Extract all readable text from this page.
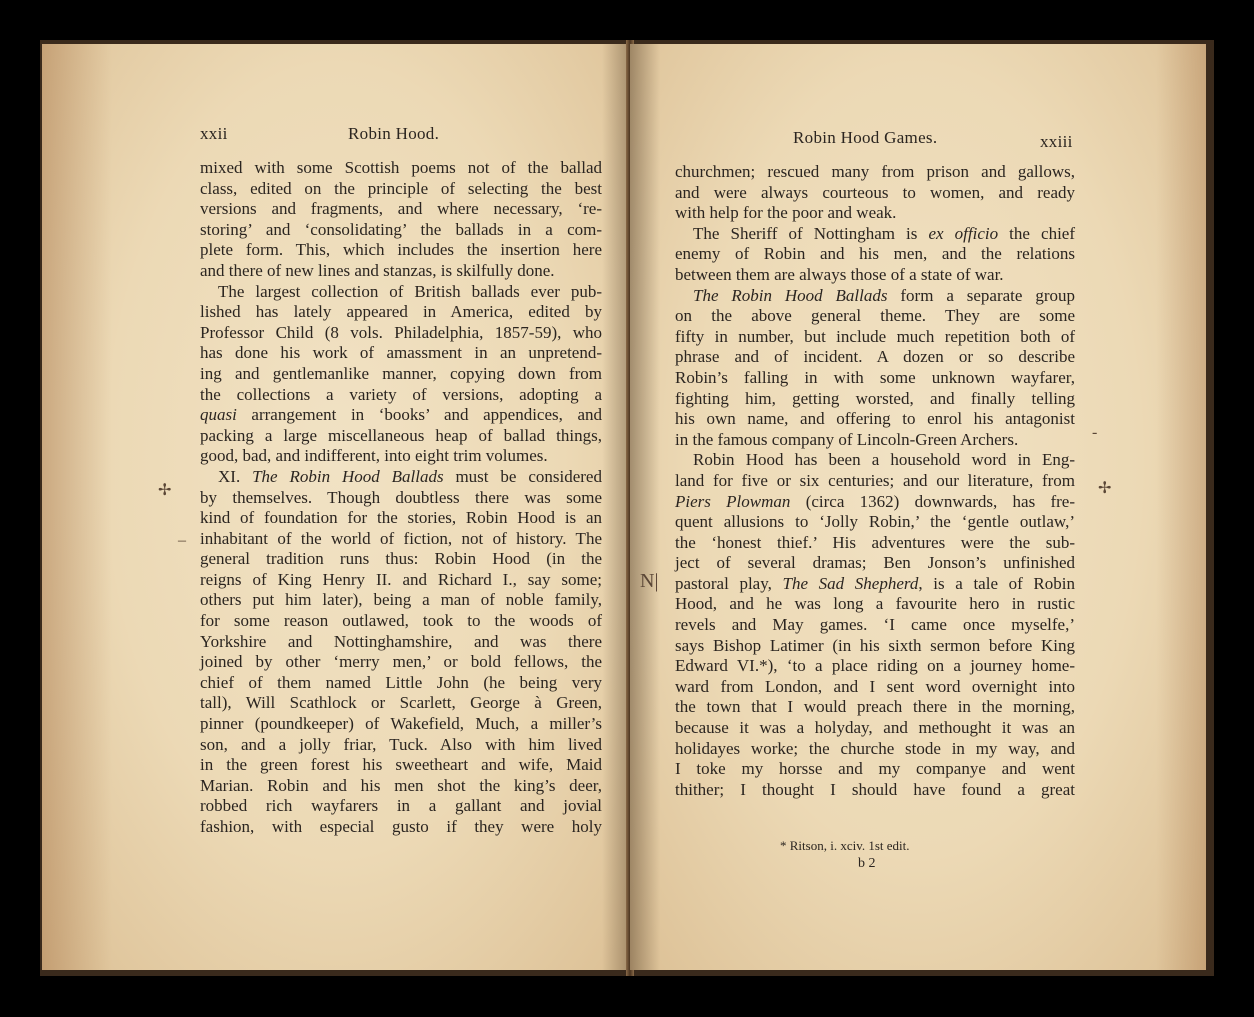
xxii	Robin Hood.
mixed with some Scottish poems not of the ballad
class, edited on the principle of selecting the best
versions and fragments, and where necessary, ‘re-
storing’ and ‘consolidating’ the ballads in a com-
plete form. This, which includes the insertion here
and there of new lines and stanzas, is skilfully done.
The largest collection of British ballads ever pub-
lished has lately appeared in America, edited by
Professor Child (8 vols. Philadelphia, 1857-59), who
has done his work of amassment in an unpretend-
ing and gentlemanlike manner, copying down from
the collections a variety of versions, adopting a
quasi arrangement in ‘books’ and appendices, and
packing a large miscellaneous heap of ballad things,
good, bad, and indifferent, into eight trim volumes.
XI. The Robin Hood Ballads must be considered
by themselves. Though doubtless there was some
kind of foundation for the stories, Robin Hood is an
inhabitant of the world of fiction, not of history. The
general tradition runs thus: Robin Hood (in the
reigns of King Henry II. and Richard I., say some;
others put him later), being a man of noble family,
for some reason outlawed, took to the woods of
Yorkshire and Nottinghamshire, and was there
joined by other ‘merry men,’ or bold fellows, the
chief of them named Little John (he being very
tall), Will Scathlock or Scarlett, George à Green,
pinner (poundkeeper) of Wakefield, Much, a miller’s
son, and a jolly friar, Tuck. Also with him lived
in the green forest his sweetheart and wife, Maid
Marian. Robin and his men shot the king’s deer,
robbed rich wayfarers in a gallant and jovial
fashion, with especial gusto if they were holy
✢
–
Robin Hood Games.	xxiii
churchmen; rescued many from prison and gallows,
and were always courteous to women, and ready
with help for the poor and weak.
The Sheriff of Nottingham is ex officio the chief
enemy of Robin and his men, and the relations
between them are always those of a state of war.
The Robin Hood Ballads form a separate group
on the above general theme. They are some
fifty in number, but include much repetition both of
phrase and of incident. A dozen or so describe
Robin’s falling in with some unknown wayfarer,
fighting him, getting worsted, and finally telling
his own name, and offering to enrol his antagonist
in the famous company of Lincoln-Green Archers.
Robin Hood has been a household word in Eng-
land for five or six centuries; and our literature, from
Piers Plowman (circa 1362) downwards, has fre-
quent allusions to ‘Jolly Robin,’ the ‘gentle outlaw,’
the ‘honest thief.’ His adventures were the sub-
ject of several dramas; Ben Jonson’s unfinished
pastoral play, The Sad Shepherd, is a tale of Robin
Hood, and he was long a favourite hero in rustic
revels and May games. ‘I came once myselfe,’
says Bishop Latimer (in his sixth sermon before King
Edward VI.*), ‘to a place riding on a journey home-
ward from London, and I sent word overnight into
the town that I would preach there in the morning,
because it was a holyday, and methought it was an
holidayes worke; the churche stode in my way, and
I toke my horsse and my companye and went
thither; I thought I should have found a great
* Ritson, i. xciv. 1st edit.
b 2
✢
‐
N|
